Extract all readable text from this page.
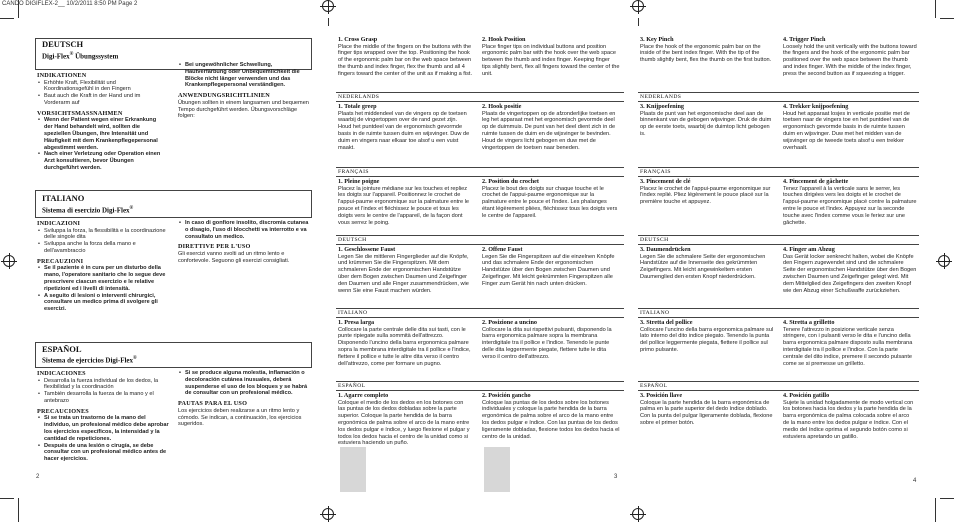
CANDO DIGIFLEX-2__ 10/2/2011 8:50 PM Page 2
DEUTSCH
Digi-Flex® Übungssystem

INDIKATIONEN

• Erhöhte Kraft, Flexibilität und Koordinationsgefühl in den Fingern
• Baut auch die Kraft in der Hand und im Vorderarm auf

VORSICHTSMASSNAHMEN

• Wenn der Patient wegen einer Erkrankung der Hand behandelt wird, sollten die speziellen Übungen, ihre Intensität und Häufigkeit mit dem Krankenpflegepersonal abgestimmt werden.
• Nach einer Verletzung oder Operation einen Arzt konsultieren, bevor Übungen durchgeführt werden.
• Bei ungewöhnlicher Schwellung, Hautverfärbung oder Unbequemlichkeit die Blöcke nicht länger verwenden und das Krankenpflegepersonal verständigen.

ANWENDUNGSRICHTLINIEN

Übungen sollten in einem langsamen und bequemen Tempo durchgeführt werden. Übungsvorschläge folgen:

ITALIANO
Sistema di esercizio Digi-Flex®

INDICAZIONI

• Sviluppa la forza, la flessibilità e la coordinazione delle singole dita
• Sviluppa anche la forza della mano e dell'avambraccio

PRECAUZIONI

• Se il paziente è in cura per un disturbo della mano, l'operatore sanitario che lo segue deve prescrivere ciascun esercizio e le relative ripetizioni ed i livelli di intensità.
• A seguito di lesioni o interventi chirurgici, consultare un medico prima di svolgere gli esercizi.
• In caso di gonfiore insolito, discromia cutanea o disagio, l'uso di blocchetti va interrotto e va consultato un medico.

DIRETTIVE PER L'USO

Gli esercizi vanno svolti ad un ritmo lento e confortevole. Seguono gli esercizi consigliati.

ESPAÑOL
Sistema de ejercicios Digi-Flex®

INDICACIONES

• Desarrolla la fuerza individual de los dedos, la flexibilidad y la coordinación
• También desarrolla la fuerza de la mano y el antebrazo

PRECAUCIONES

• Si se trata un trastorno de la mano del individuo, un profesional médico debe aprobar los ejercicios específicos, la intensidad y la cantidad de repeticiones.
• Después de una lesión o cirugía, se debe consultar con un profesional médico antes de hacer ejercicios.
• Si se produce alguna molestia, inflamación o decoloración cutánea inusuales, deberá suspenderse el uso de los bloques y se habrá de consultar con un profesional médico.

PAUTAS PARA EL USO

Los ejercicios deben realizarse a un ritmo lento y cómodo. Se indican, a continuación, los ejercicios sugeridos.

2
1. Cross Grasp
Place the middle of the fingers on the buttons with the finger tips wrapped over the top. Positioning the hook of the ergonomic palm bar on the web space between the thumb and index finger, flex the thumb and all 4 fingers toward the center of the unit as if making a fist.
2. Hook Position
Place finger tips on individual buttons and position ergonomic palm bar with the hook over the web space between the thumb and index finger. Keeping finger tips slightly bent, flex all fingers toward the center of the unit.
NEDERLANDS
1. Totale greep
Plaats het middendeel van de vingers op de toetsen waarbij de vingertoppen over de rand gezet zijn. Houd het puntdeel van de ergonomisch gevormde basis in de ruimte tussen duim en wijsvinger. Duw de duim en vingers naar elkaar toe alsof u een vuist maakt.
2. Hook positie
Plaats de vingertoppen op de afzonderlijke toetsen en leg het apparaat met het ergonomisch gevormde deel op de duimmuis. De punt van het deel dient zich in de ruimte tussen de duim en de wijsvinger te bevinden. Houd de vingers licht gebogen en duw met de vingertoppen de toetsen naar beneden.
FRANÇAIS
1. Pleine poigne
Placez la jointure médiane sur les touches et repliez les doigts sur l'appareil. Positionnez le crochet de l'appui-paume ergonomique sur la palmature entre le pouce et l'index et fléchissez le pouce et tous les doigts vers le centre de l'appareil, de la façon dont vous serrez le poing.
2. Position du crochet
Placez le bout des doigts sur chaque touche et le crochet de l'appui-paume ergonomique sur la palmature entre le pouce et l'index. Les phalanges étant légèrement pliées, fléchissez tous les doigts vers le centre de l'appareil.
DEUTSCH
1. Geschlossene Faust
Legen Sie die mittleren Fingerglieder auf die Knöpfe, und krümmen Sie die Fingerspitzen. Mit dem schmaleren Ende der ergonomischen Handstütze über dem Bogen zwischen Daumen und Zeigefinger den Daumen und alle Finger zusammendrücken, wie wenn Sie eine Faust machen würden.
2. Offene Faust
Legen Sie die Fingerspitzen auf die einzelnen Knöpfe und das schmalere Ende der ergonomischen Handstütze über den Bogen zwischen Daumen und Zeigefinger. Mit leicht gekrümmten Fingerspitzen alle Finger zum Gerät hin nach unten drücken.
ITALIANO
1. Presa larga
Collocare la parte centrale delle dita sui tasti, con le punte ripiegate sulla sommità dell'attrezzo. Disponendo l'uncino della barra ergonomica palmare sopra la membrana interdigitale tra il pollice e l'indice, flettere il pollice e tutte le altre dita verso il centro dell'attrezzo, come per formare un pugno.
2. Posizione a uncino
Collocare la dita sui rispettivi pulsanti, disponendo la barra ergonomica palmare sopra la membrana interdigitale tra il pollice e l'indice. Tenendo le punte delle dita leggermente piegate, flettere tutte le dita verso il centro dell'attrezzo.
ESPAÑOL
1. Agarre completo
Coloque el medio de los dedos en los botones con las puntas de los dedos dobladas sobre la parte superior. Coloque la parte hendida de la barra ergonómica de palma sobre el arco de la mano entre los dedos pulgar e índice, y luego flexione el pulgar y todos los dedos hacia el centro de la unidad como si estuviera haciendo un puño.
2. Posición gancho
Coloque las puntas de los dedos sobre los botones individuales y coloque la parte hendida de la barra ergonómica de palma sobre el arco de la mano entre los dedos pulgar e índice. Con las puntas de los dedos ligeramente dobladas, flexione todos los dedos hacia el centro de la unidad.
3
3. Key Pinch
Place the hook of the ergonomic palm bar on the inside of the bent index finger. With the tip of the thumb slightly bent, flex the thumb on the first button.
4. Trigger Pinch
Loosely hold the unit vertically with the buttons toward the fingers and the hook of the ergonomic palm bar positioned over the web space between the thumb and index finger. With the middle of the index finger, press the second button as if squeezing a trigger.
NEDERLANDS
3. Knijpoefening
Plaats de punt van het ergonomische deel aan de binnenkant van de gebogen wijsvinger. Druk de duim op de eerste toets, waarbij de duimtop licht gebogen is.
4. Trekker knijpoefening
Houd het apparaat losjes in verticale positie met de toetsen naar de vingers toe en het puntdeel van de ergonomisch gevormde basis in de ruimte tussen duim en wijsvinger. Duw met het midden van de wijsvinger op de tweede toets alsof u een trekker overhaalt.
FRANÇAIS
3. Pincement de clé
Placez le crochet de l'appui-paume ergonomique sur l'index replié. Pliez légèrement le pouce placé sur la première touche et appuyez.
4. Pincement de gâchette
Tenez l'appareil à la verticale sans le serrer, les touches dirigées vers les doigts et le crochet de l'appui-paume ergonomique placé contre la palmature entre le pouce et l'index. Appuyez sur la seconde touche avec l'index comme vous le feriez sur une gâchette.
DEUTSCH
3. Daumendrücken
Legen Sie die schmalere Seite der ergonomischen Handstütze auf die Innenseite des gekrümmten Zeigefingers. Mit leicht angewinkeltem ersten Daumenglied den ersten Knopf niederdrücken.
4. Finger am Abzug
Das Gerät locker senkrecht halten, wobei die Knöpfe den Fingern zugewendet sind und die schmalere Seite der ergonomischen Handstütze über den Bogen zwischen Daumen und Zeigefinger gelegt wird. Mit dem Mittelglied des Zeigefingers den zweiten Knopf wie den Abzug einer Schußwaffe zurückziehen.
ITALIANO
3. Stretta del pollice
Collocare l'uncino della barra ergonomica palmare sul lato interno del dito indice piegato. Tenendo la punta del pollice leggermente piegata, flettere il pollice sul primo pulsante.
4. Stretta a grilletto
Tenere l'attrezzo in posizione verticale senza stringere, con i pulsanti verso le dita e l'uncino della barra ergonomica palmare disposto sulla membrana interdigitale tra il pollice e l'indice. Con la parte centrale del dito indice, premere il secondo pulsante come se si premesse un grilletto.
ESPAÑOL
3. Posición llave
Coloque la parte hendida de la barra ergonómica de palma en la parte superior del dedo índice doblado. Con la punta del pulgar ligeramente doblada, flexione sobre el primer botón.
4. Posición gatillo
Sujete la unidad holgadamente de modo vertical con los botones hacia los dedos y la parte hendida de la barra ergonómica de palma colocada sobre el arco de la mano entre los dedos pulgar e índice. Con el medio del índice oprima el segundo botón como si estuviera apretando un gatillo.
4
